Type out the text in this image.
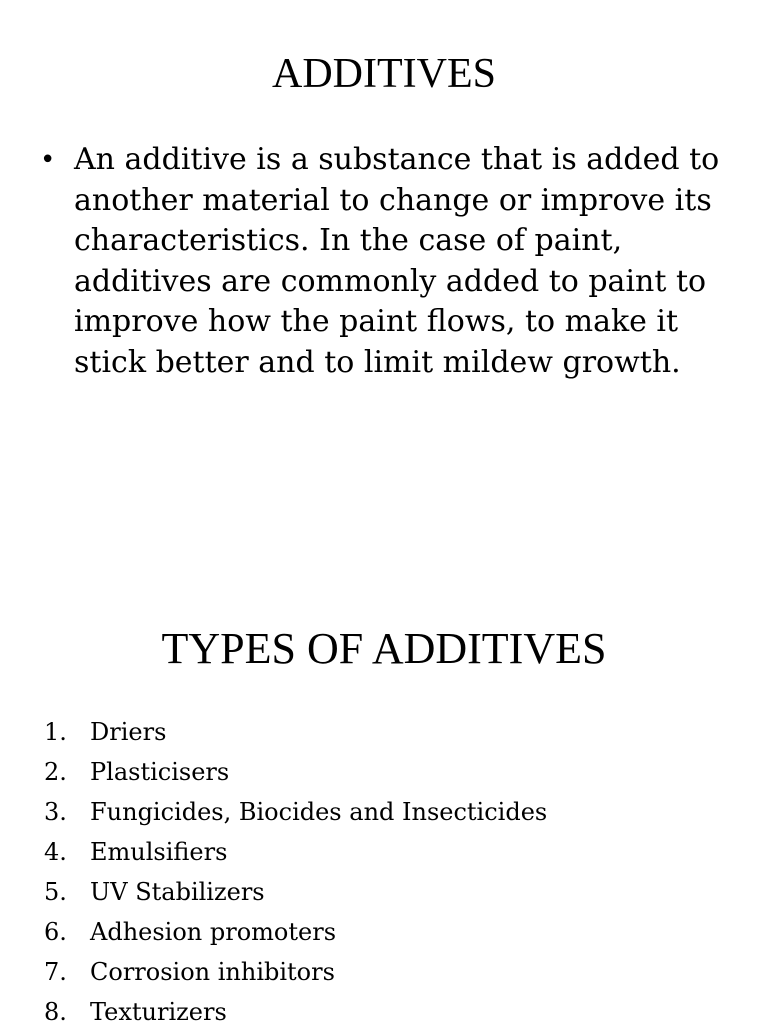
ADDITIVES
• An additive is a substance that is added to another material to change or improve its characteristics. In the case of paint, additives are commonly added to paint to improve how the paint flows, to make it stick better and to limit mildew growth.
TYPES OF ADDITIVES
1. Driers
2. Plasticisers
3. Fungicides, Biocides and Insecticides
4. Emulsifiers
5. UV Stabilizers
6. Adhesion promoters
7. Corrosion inhibitors
8. Texturizers
